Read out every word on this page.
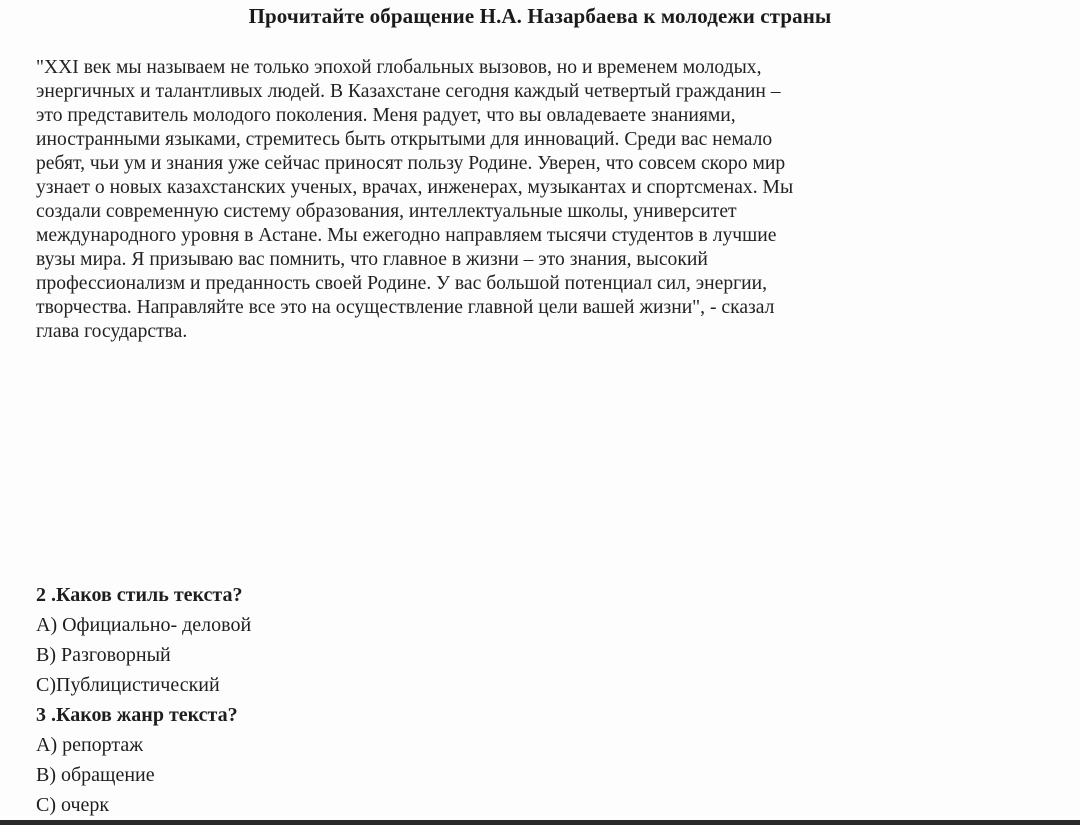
Прочитайте обращение Н.А. Назарбаева к молодежи страны
"XXI век мы называем не только эпохой глобальных вызовов, но и временем молодых,
энергичных и талантливых людей. В Казахстане сегодня каждый четвертый гражданин –
это представитель молодого поколения. Меня радует, что вы овладеваете знаниями,
иностранными языками, стремитесь быть открытыми для инноваций. Среди вас немало
ребят, чьи ум и знания уже сейчас приносят пользу Родине. Уверен, что совсем скоро мир
узнает о новых казахстанских ученых, врачах, инженерах, музыкантах и спортсменах. Мы
создали современную систему образования, интеллектуальные школы, университет
международного уровня в Астане. Мы ежегодно направляем тысячи студентов в лучшие
вузы мира. Я призываю вас помнить, что главное в жизни – это знания, высокий
профессионализм и преданность своей Родине. У вас большой потенциал сил, энергии,
творчества. Направляйте все это на осуществление главной цели вашей жизни", - сказал
глава государства.
2 .Каков стиль текста?
А) Официально- деловой
В) Разговорный
С)Публицистический
3 .Каков жанр текста?
А) репортаж
В) обращение
С) очерк
